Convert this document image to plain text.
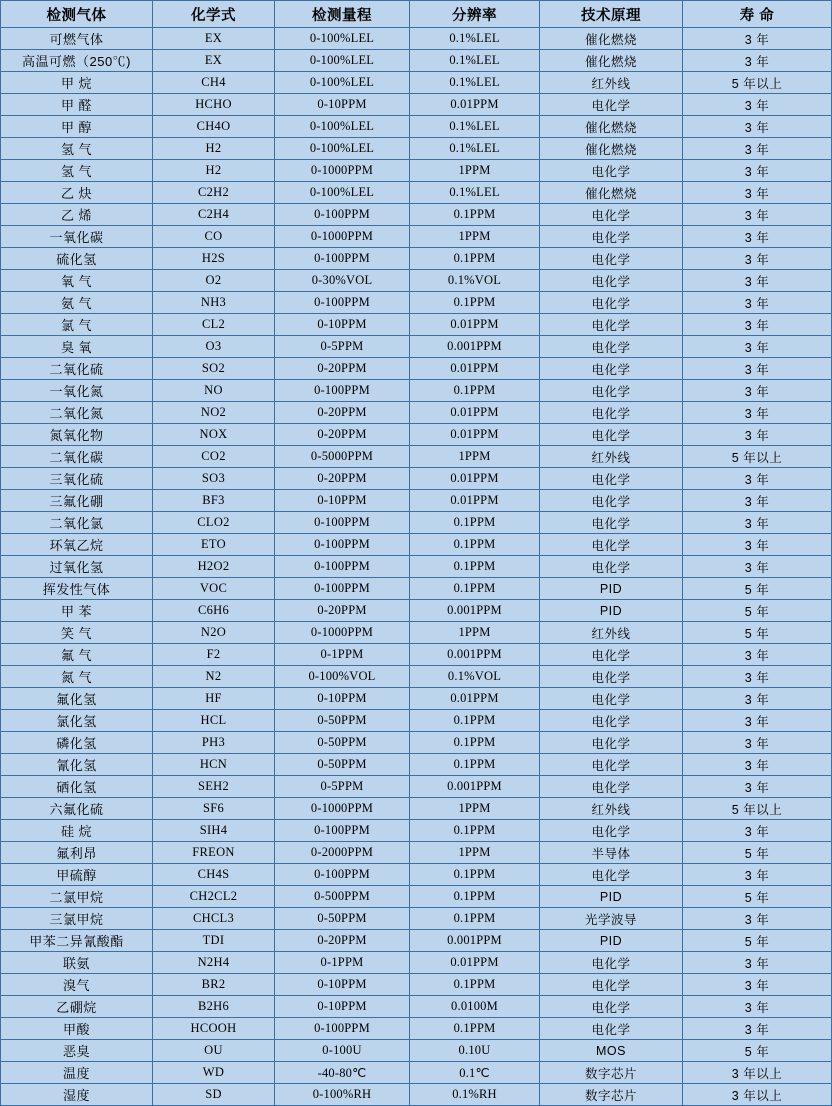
检测气体	化学式	检测量程	分辨率	技术原理	寿 命
可燃气体	EX	0-100%LEL	0.1%LEL	催化燃烧	3 年
高温可燃（250℃)	EX	0-100%LEL	0.1%LEL	催化燃烧	3 年
甲 烷	CH4	0-100%LEL	0.1%LEL	红外线	5 年以上
甲 醛	HCHO	0-10PPM	0.01PPM	电化学	3 年
甲 醇	CH4O	0-100%LEL	0.1%LEL	催化燃烧	3 年
氢 气	H2	0-100%LEL	0.1%LEL	催化燃烧	3 年
氢 气	H2	0-1000PPM	1PPM	电化学	3 年
乙 炔	C2H2	0-100%LEL	0.1%LEL	催化燃烧	3 年
乙 烯	C2H4	0-100PPM	0.1PPM	电化学	3 年
一氧化碳	CO	0-1000PPM	1PPM	电化学	3 年
硫化氢	H2S	0-100PPM	0.1PPM	电化学	3 年
氧 气	O2	0-30%VOL	0.1%VOL	电化学	3 年
氨 气	NH3	0-100PPM	0.1PPM	电化学	3 年
氯 气	CL2	0-10PPM	0.01PPM	电化学	3 年
臭 氧	O3	0-5PPM	0.001PPM	电化学	3 年
二氧化硫	SO2	0-20PPM	0.01PPM	电化学	3 年
一氧化氮	NO	0-100PPM	0.1PPM	电化学	3 年
二氧化氮	NO2	0-20PPM	0.01PPM	电化学	3 年
氮氧化物	NOX	0-20PPM	0.01PPM	电化学	3 年
二氧化碳	CO2	0-5000PPM	1PPM	红外线	5 年以上
三氧化硫	SO3	0-20PPM	0.01PPM	电化学	3 年
三氟化硼	BF3	0-10PPM	0.01PPM	电化学	3 年
二氧化氯	CLO2	0-100PPM	0.1PPM	电化学	3 年
环氧乙烷	ETO	0-100PPM	0.1PPM	电化学	3 年
过氧化氢	H2O2	0-100PPM	0.1PPM	电化学	3 年
挥发性气体	VOC	0-100PPM	0.1PPM	PID	5 年
甲 苯	C6H6	0-20PPM	0.001PPM	PID	5 年
笑 气	N2O	0-1000PPM	1PPM	红外线	5 年
氟 气	F2	0-1PPM	0.001PPM	电化学	3 年
氮 气	N2	0-100%VOL	0.1%VOL	电化学	3 年
氟化氢	HF	0-10PPM	0.01PPM	电化学	3 年
氯化氢	HCL	0-50PPM	0.1PPM	电化学	3 年
磷化氢	PH3	0-50PPM	0.1PPM	电化学	3 年
氰化氢	HCN	0-50PPM	0.1PPM	电化学	3 年
硒化氢	SEH2	0-5PPM	0.001PPM	电化学	3 年
六氟化硫	SF6	0-1000PPM	1PPM	红外线	5 年以上
硅 烷	SIH4	0-100PPM	0.1PPM	电化学	3 年
氟利昂	FREON	0-2000PPM	1PPM	半导体	5 年
甲硫醇	CH4S	0-100PPM	0.1PPM	电化学	3 年
二氯甲烷	CH2CL2	0-500PPM	0.1PPM	PID	5 年
三氯甲烷	CHCL3	0-50PPM	0.1PPM	光学波导	3 年
甲苯二异氰酸酯	TDI	0-20PPM	0.001PPM	PID	5 年
联氨	N2H4	0-1PPM	0.01PPM	电化学	3 年
溴气	BR2	0-10PPM	0.1PPM	电化学	3 年
乙硼烷	B2H6	0-10PPM	0.0100M	电化学	3 年
甲酸	HCOOH	0-100PPM	0.1PPM	电化学	3 年
恶臭	OU	0-100U	0.10U	MOS	5 年
温度	WD	-40-80℃	0.1℃	数字芯片	3 年以上
湿度	SD	0-100%RH	0.1%RH	数字芯片	3 年以上
